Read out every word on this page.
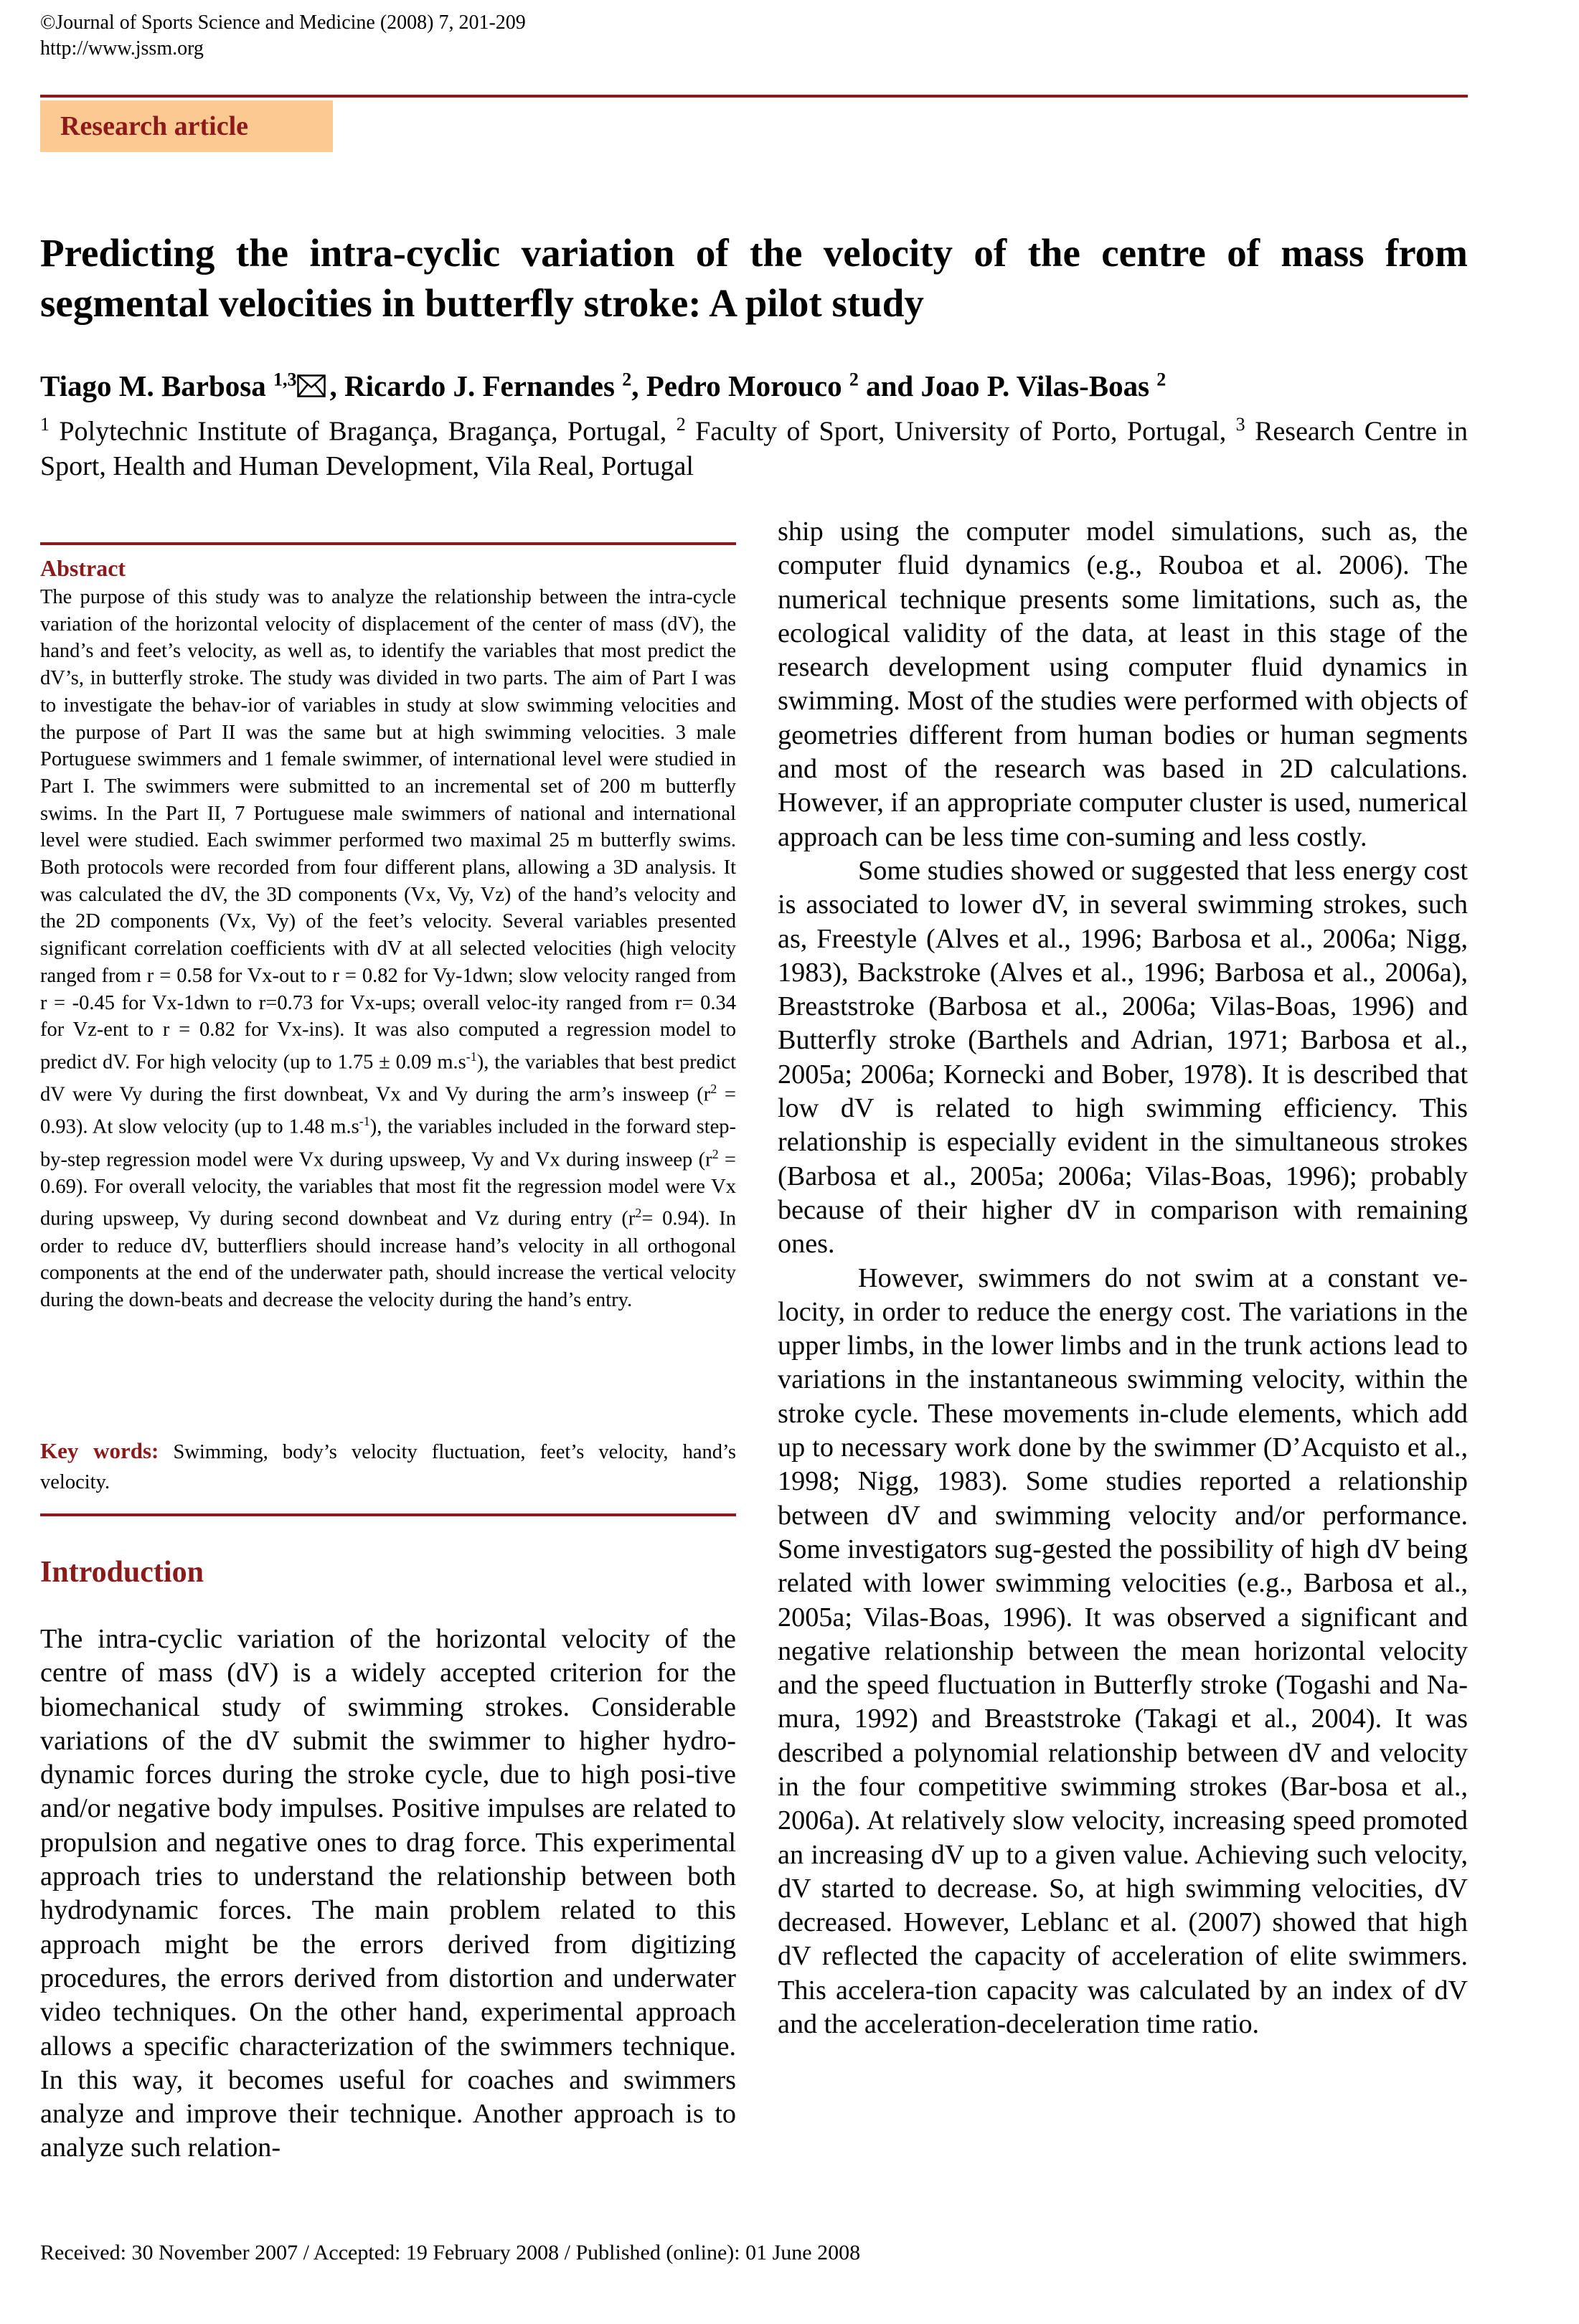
©Journal of Sports Science and Medicine (2008) 7, 201-209
http://www.jssm.org
Research article
Predicting the intra-cyclic variation of the velocity of the centre of mass from segmental velocities in butterfly stroke: A pilot study
Tiago M. Barbosa $^{1,3}$ , Ricardo J. Fernandes $^2$, Pedro Morouco $^2$ and Joao P. Vilas-Boas $^2$
$^1$ Polytechnic Institute of Bragança, Bragança, Portugal, $^2$ Faculty of Sport, University of Porto, Portugal, $^3$ Research Centre in Sport, Health and Human Development, Vila Real, Portugal
Abstract
The purpose of this study was to analyze the relationship between the intra-cycle variation of the horizontal velocity of displacement of the center of mass (dV), the hand’s and feet’s velocity, as well as, to identify the variables that most predict the dV’s, in butterfly stroke. The study was divided in two parts. The aim of Part I was to investigate the behav-ior of variables in study at slow swimming velocities and the purpose of Part II was the same but at high swimming velocities. 3 male Portuguese swimmers and 1 female swimmer, of international level were studied in Part I. The swimmers were submitted to an incremental set of 200 m butterfly swims. In the Part II, 7 Portuguese male swimmers of national and international level were studied. Each swimmer performed two maximal 25 m butterfly swims. Both protocols were recorded from four different plans, allowing a 3D analysis. It was calculated the dV, the 3D components (Vx, Vy, Vz) of the hand’s velocity and the 2D components (Vx, Vy) of the feet’s velocity. Several variables presented significant correlation coefficients with dV at all selected velocities (high velocity ranged from r = 0.58 for Vx-out to r = 0.82 for Vy-1dwn; slow velocity ranged from r = -0.45 for Vx-1dwn to r=0.73 for Vx-ups; overall veloc-ity ranged from r= 0.34 for Vz-ent to r = 0.82 for Vx-ins). It was also computed a regression model to predict dV. For high velocity (up to 1.75 ± 0.09 $m.s^{-1}$), the variables that best predict dV were Vy during the first downbeat, Vx and Vy during the arm’s insweep $(r^2 = 0.93)$. At slow velocity (up to 1.48 $m.s^{-1}$), the variables included in the forward step-by-step regression model were Vx during upsweep, Vy and Vx during insweep $(r^2 = 0.69)$. For overall velocity, the variables that most fit the regression model were Vx during upsweep, Vy during second downbeat and Vz during entry $(r^2= 0.94)$. In order to reduce dV, butterfliers should increase hand’s velocity in all orthogonal components at the end of the underwater path, should increase the vertical velocity during the down-beats and decrease the velocity during the hand’s entry.
Key words: Swimming, body’s velocity fluctuation, feet’s velocity, hand’s velocity.
Introduction
The intra-cyclic variation of the horizontal velocity of the centre of mass (dV) is a widely accepted criterion for the biomechanical study of swimming strokes. Considerable variations of the dV submit the swimmer to higher hydro-dynamic forces during the stroke cycle, due to high posi-tive and/or negative body impulses. Positive impulses are related to propulsion and negative ones to drag force. This experimental approach tries to understand the relationship between both hydrodynamic forces. The main problem related to this approach might be the errors derived from digitizing procedures, the errors derived from distortion and underwater video techniques. On the other hand, experimental approach allows a specific characterization of the swimmers technique. In this way, it becomes useful for coaches and swimmers analyze and improve their technique. Another approach is to analyze such relation-

ship using the computer model simulations, such as, the computer fluid dynamics (e.g., Rouboa et al. 2006). The numerical technique presents some limitations, such as, the ecological validity of the data, at least in this stage of the research development using computer fluid dynamics in swimming. Most of the studies were performed with objects of geometries different from human bodies or human segments and most of the research was based in 2D calculations. However, if an appropriate computer cluster is used, numerical approach can be less time con-suming and less costly.

Some studies showed or suggested that less energy cost is associated to lower dV, in several swimming strokes, such as, Freestyle (Alves et al., 1996; Barbosa et al., 2006a; Nigg, 1983), Backstroke (Alves et al., 1996; Barbosa et al., 2006a), Breaststroke (Barbosa et al., 2006a; Vilas-Boas, 1996) and Butterfly stroke (Barthels and Adrian, 1971; Barbosa et al., 2005a; 2006a; Kornecki and Bober, 1978). It is described that low dV is related to high swimming efficiency. This relationship is especially evident in the simultaneous strokes (Barbosa et al., 2005a; 2006a; Vilas-Boas, 1996); probably because of their higher dV in comparison with remaining ones.

However, swimmers do not swim at a constant ve-locity, in order to reduce the energy cost. The variations in the upper limbs, in the lower limbs and in the trunk actions lead to variations in the instantaneous swimming velocity, within the stroke cycle. These movements in-clude elements, which add up to necessary work done by the swimmer (D’Acquisto et al., 1998; Nigg, 1983). Some studies reported a relationship between dV and swimming velocity and/or performance. Some investigators sug-gested the possibility of high dV being related with lower swimming velocities (e.g., Barbosa et al., 2005a; Vilas-Boas, 1996). It was observed a significant and negative relationship between the mean horizontal velocity and the speed fluctuation in Butterfly stroke (Togashi and Na-mura, 1992) and Breaststroke (Takagi et al., 2004). It was described a polynomial relationship between dV and velocity in the four competitive swimming strokes (Bar-bosa et al., 2006a). At relatively slow velocity, increasing speed promoted an increasing dV up to a given value. Achieving such velocity, dV started to decrease. So, at high swimming velocities, dV decreased. However, Leblanc et al. (2007) showed that high dV reflected the capacity of acceleration of elite swimmers. This accelera-tion capacity was calculated by an index of dV and the acceleration-deceleration time ratio.

Received: 30 November 2007 / Accepted: 19 February 2008 / Published (online): 01 June 2008
